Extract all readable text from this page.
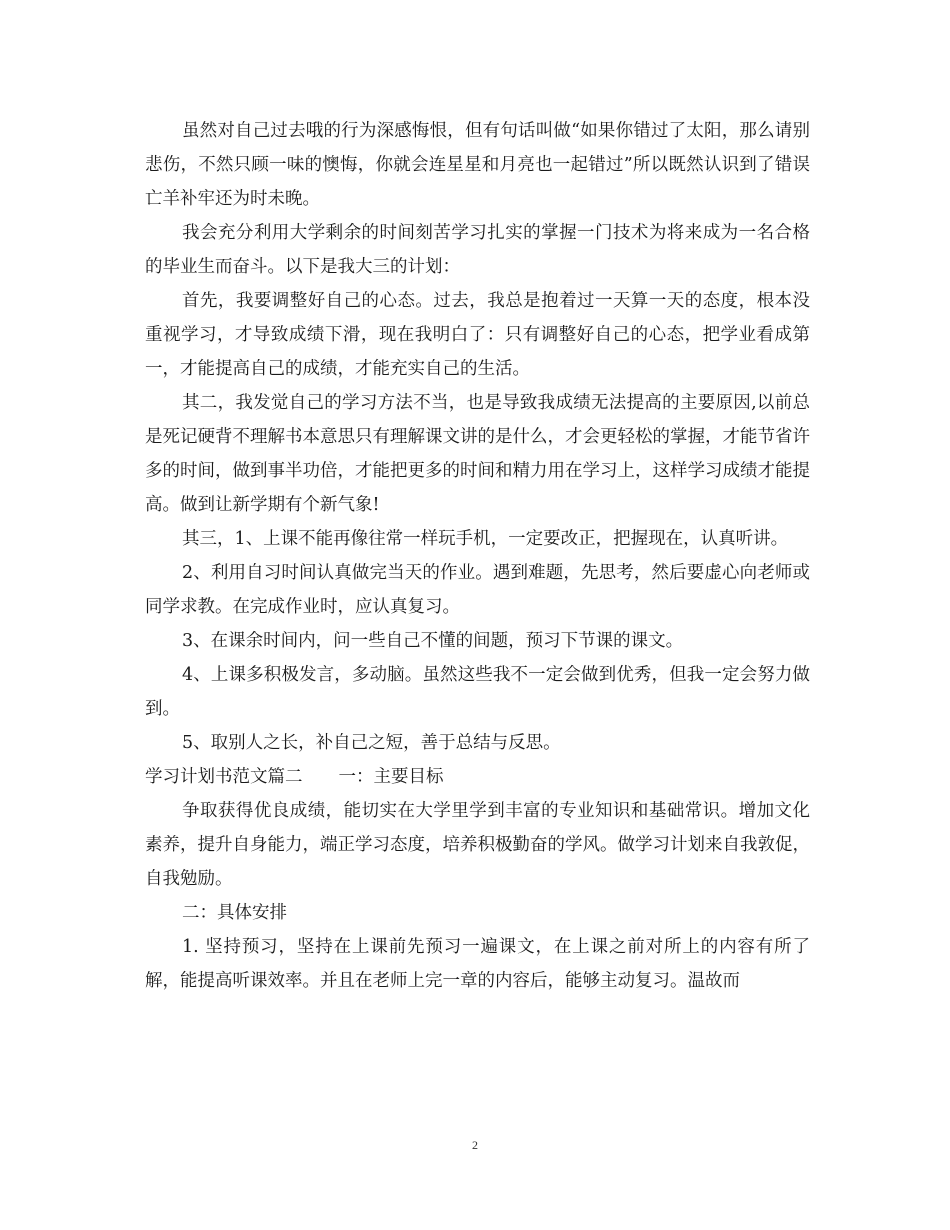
虽然对自己过去哦的行为深感悔恨，但有句话叫做“如果你错过了太阳，那么请别悲伤，不然只顾一味的懊悔，你就会连星星和月亮也一起错过”所以既然认识到了错误亡羊补牢还为时未晚。

我会充分利用大学剩余的时间刻苦学习扎实的掌握一门技术为将来成为一名合格的毕业生而奋斗。以下是我大三的计划：

首先，我要调整好自己的心态。过去，我总是抱着过一天算一天的态度，根本没重视学习，才导致成绩下滑，现在我明白了：只有调整好自己的心态，把学业看成第一，才能提高自己的成绩，才能充实自己的生活。

其二，我发觉自己的学习方法不当，也是导致我成绩无法提高的主要原因,以前总是死记硬背不理解书本意思只有理解课文讲的是什么，才会更轻松的掌握，才能节省许多的时间，做到事半功倍，才能把更多的时间和精力用在学习上，这样学习成绩才能提高。做到让新学期有个新气象!

其三，1、上课不能再像往常一样玩手机，一定要改正，把握现在，认真听讲。

2、利用自习时间认真做完当天的作业。遇到难题，先思考，然后要虚心向老师或同学求教。在完成作业时，应认真复习。

3、在课余时间内，问一些自己不懂的间题，预习下节课的课文。

4、上课多积极发言，多动脑。虽然这些我不一定会做到优秀，但我一定会努力做到。

5、取别人之长，补自己之短，善于总结与反思。

学习计划书范文篇二 一：主要目标

争取获得优良成绩，能切实在大学里学到丰富的专业知识和基础常识。增加文化素养，提升自身能力，端正学习态度，培养积极勤奋的学风。做学习计划来自我敦促，自我勉励。

二：具体安排

1. 坚持预习，坚持在上课前先预习一遍课文，在上课之前对所上的内容有所了解，能提高听课效率。并且在老师上完一章的内容后，能够主动复习。温故而

2
